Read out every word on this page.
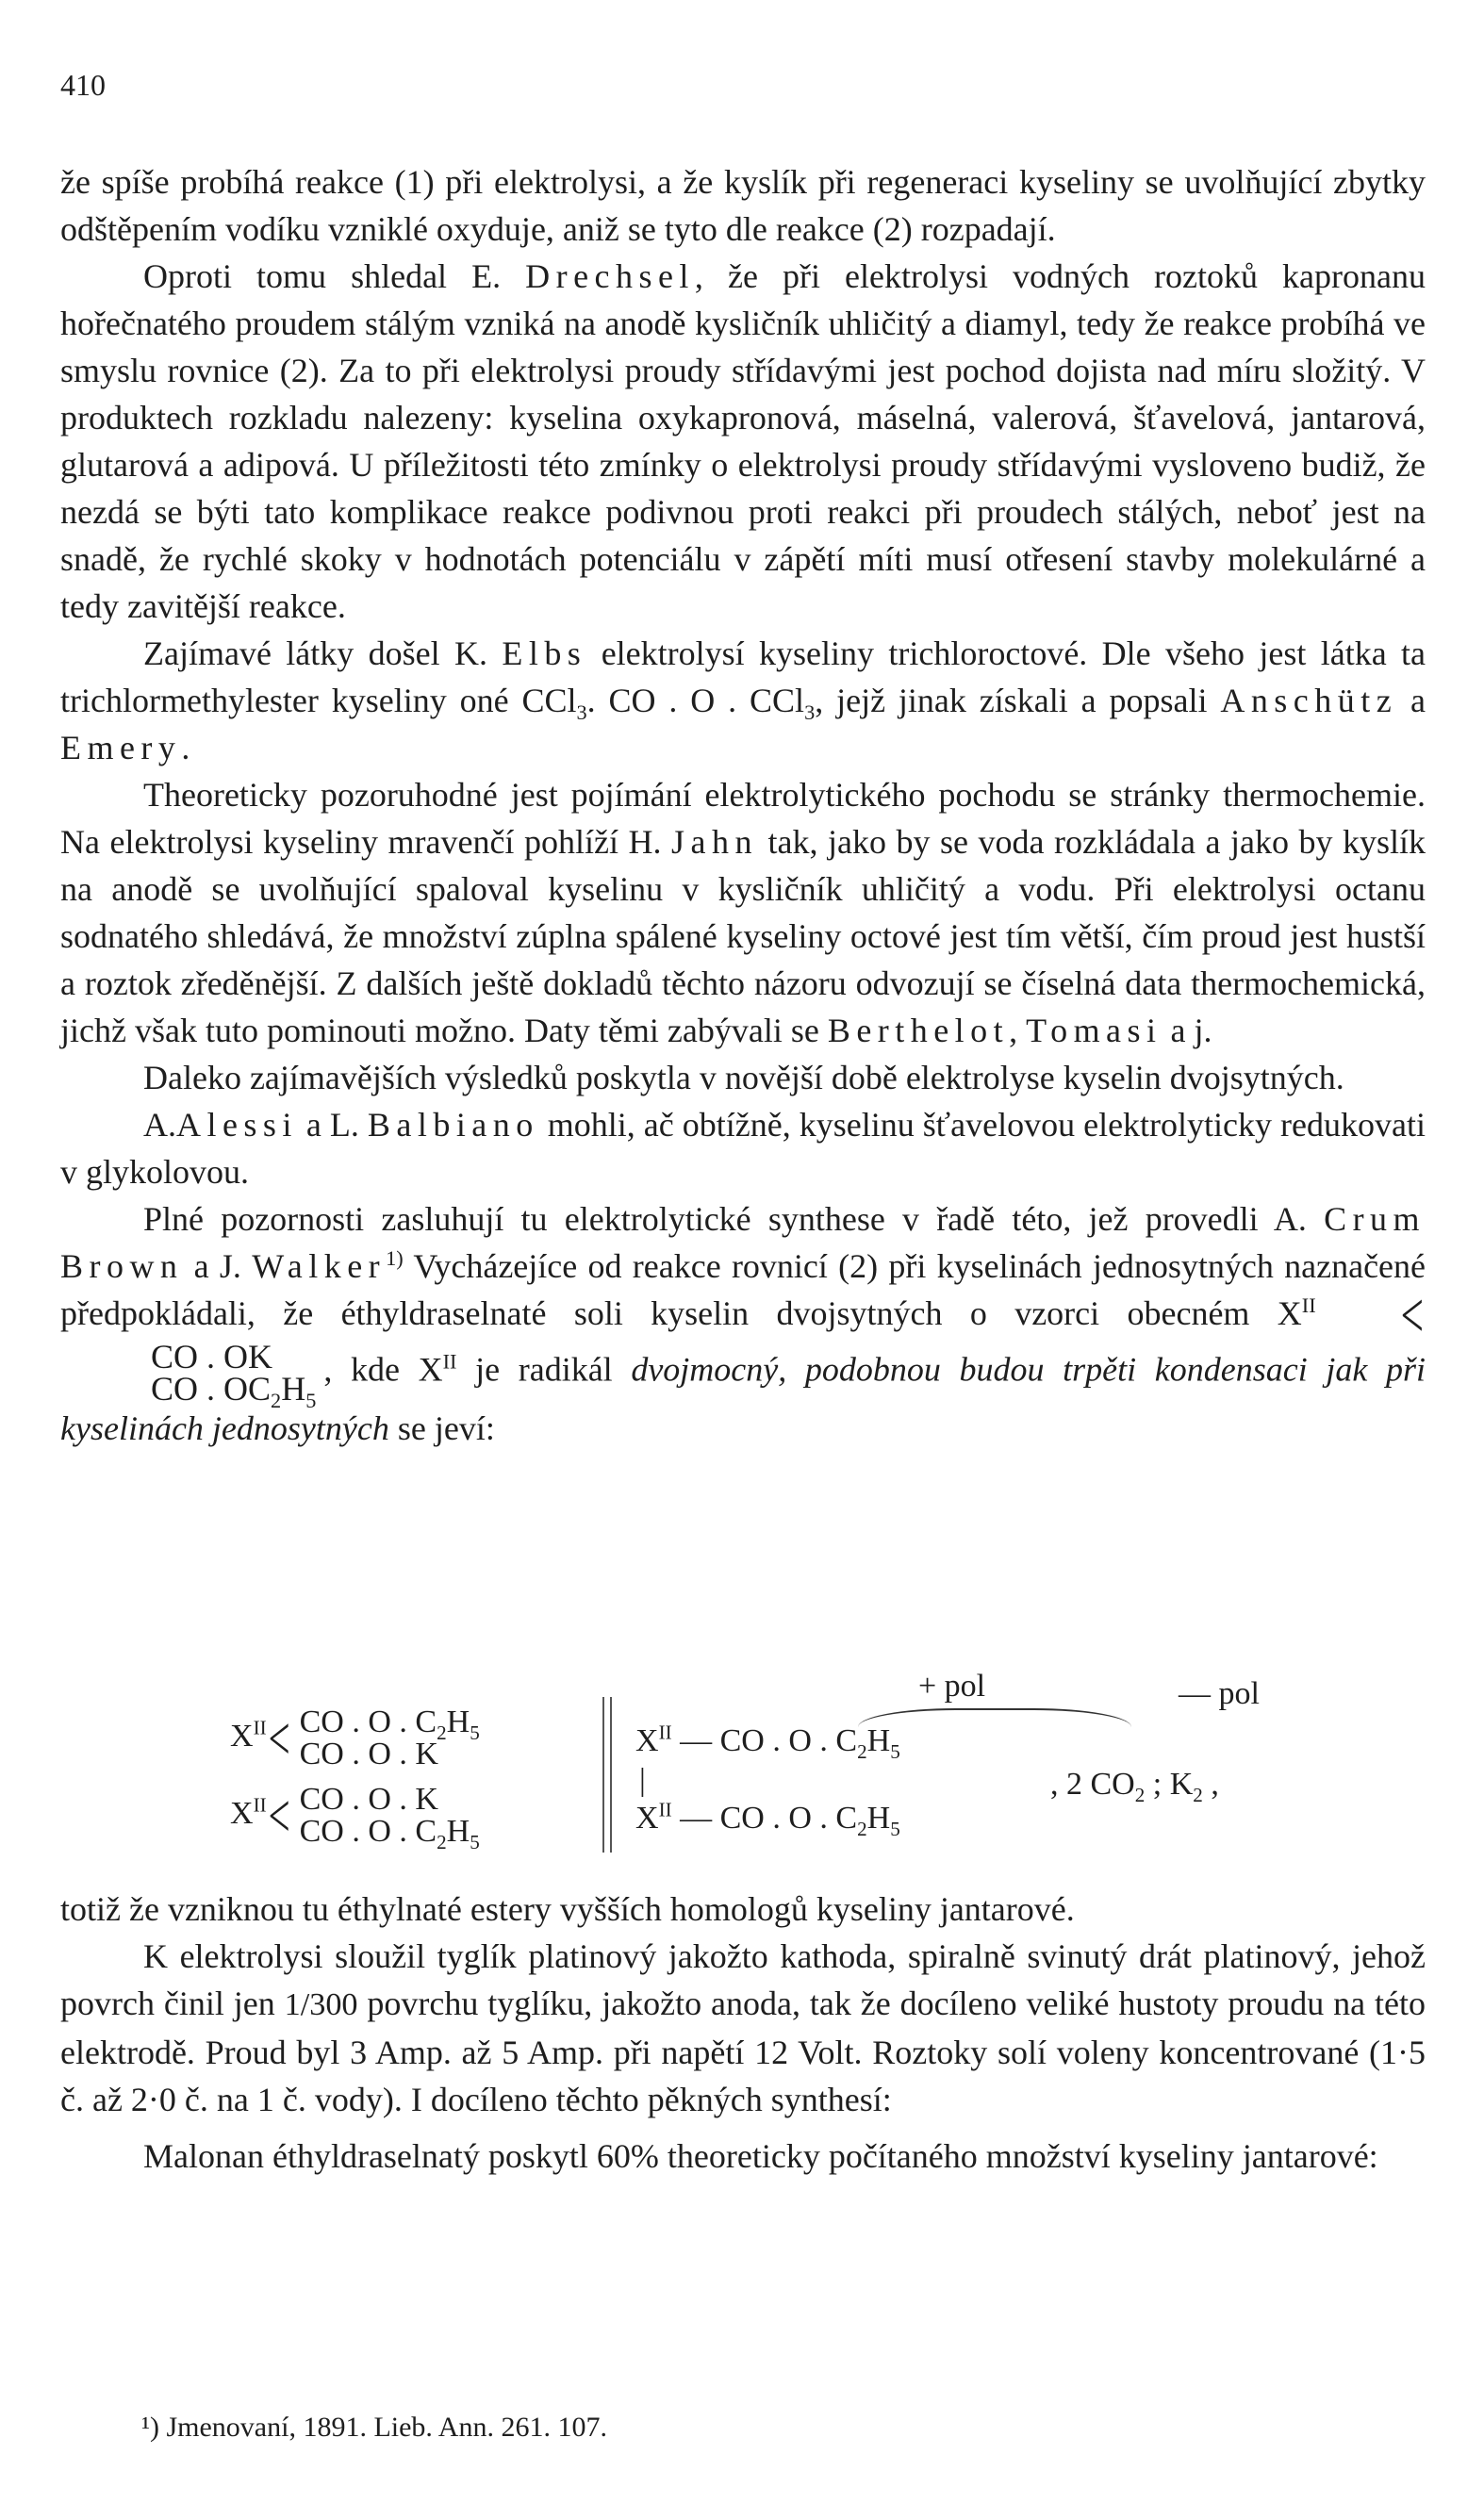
410

že spíše probíhá reakce (1) při elektrolysi, a že kyslík při regeneraci kyseliny se uvolňující zbytky odštěpením vodíku vzniklé oxyduje, aniž se tyto dle reakce (2) rozpadají.

Oproti tomu shledal E. Drechsel, že při elektrolysi vodných roztoků kapronanu hořečnatého proudem stálým vzniká na anodě kysličník uhličitý a diamyl, tedy že reakce probíhá ve smyslu rovnice (2). Za to při elektrolysi proudy střídavými jest pochod dojista nad míru složitý. V produktech rozkladu nalezeny: kyselina oxykapronová, máselná, valerová, šťavelová, jantarová, glutarová a adipová. U příležitosti této zmínky o elektrolysi proudy střídavými vysloveno budiž, že nezdá se býti tato komplikace reakce podivnou proti reakci při proudech stálých, neboť jest na snadě, že rychlé skoky v hodnotách potenciálu v zápětí míti musí otřesení stavby molekulárné a tedy zavitější reakce.

Zajímavé látky došel K. Elbs elektrolysí kyseliny trichloroctové. Dle všeho jest látka ta trichlormethylester kyseliny oné CCl$_3$. CO . O . CCl$_3$, jejž jinak získali a popsali Anschütz a Emery.

Theoreticky pozoruhodné jest pojímání elektrolytického pochodu se stránky thermochemie. Na elektrolysi kyseliny mravenčí pohlíží H. Jahn tak, jako by se voda rozkládala a jako by kyslík na anodě se uvolňující spaloval kyselinu v kysličník uhličitý a vodu. Při elektrolysi octanu sodnatého shledává, že množství zúplna spálené kyseliny octové jest tím větší, čím proud jest hustší a roztok zředěnější. Z dalších ještě dokladů těchto názoru odvozují se číselná data thermochemická, jichž však tuto pominouti možno. Daty těmi zabývali se Berthelot, Tomasi a j.

Daleko zajímavějších výsledků poskytla v novější době elektrolyse kyselin dvojsytných.

A.Alessi a L. Balbiano mohli, ač obtížně, kyselinu šťavelovou elektrolyticky redukovati v glykolovou.

Plné pozornosti zasluhují tu elektrolytické synthese v řadě této, jež provedli A. Crum Brown a J. Walker$^{1)}$ Vycházejíce od reakce rovnicí (2) při kyselinách jednosytných naznačené předpokládali, že éthyldraselnaté soli kyselin dvojsytných o vzorci obecném $X^{II}$ <
CO . OK
CO . $OC_2H_5$
, kde $X^{II}$ je radikál dvojmocný, podobnou budou trpěti kondensaci jak při kyselinách jednosytných se jeví:

+ pol	— pol
$X^{II}<$ CO . O . $C_2H_5$
CO . O . K
$X^{II}<$ CO . O . K
CO . O . $C_2H_5$
$X^{II}$ — CO . O . $C_2H_5$
|
$X^{II}$ — CO . O . $C_2H_5$
, 2 $CO_2$ ; $K_2$ ,

totiž že vzniknou tu éthylnaté estery vyšších homologů kyseliny jantarové.

K elektrolysi sloužil tyglík platinový jakožto kathoda, spiralně svinutý drát platinový, jehož povrch činil jen 1/300 povrchu tyglíku, jakožto anoda, tak že docíleno veliké hustoty proudu na této elektrodě. Proud byl 3 Amp. až 5 Amp. při napětí 12 Volt. Roztoky solí voleny koncentrované (1·5 č. až 2·0 č. na 1 č. vody). I docíleno těchto pěkných synthesí:

Malonan éthyldraselnatý poskytl 60% theoreticky počítaného množství kyseliny jantarové:

¹) Jmenovaní, 1891. Lieb. Ann. 261. 107.
